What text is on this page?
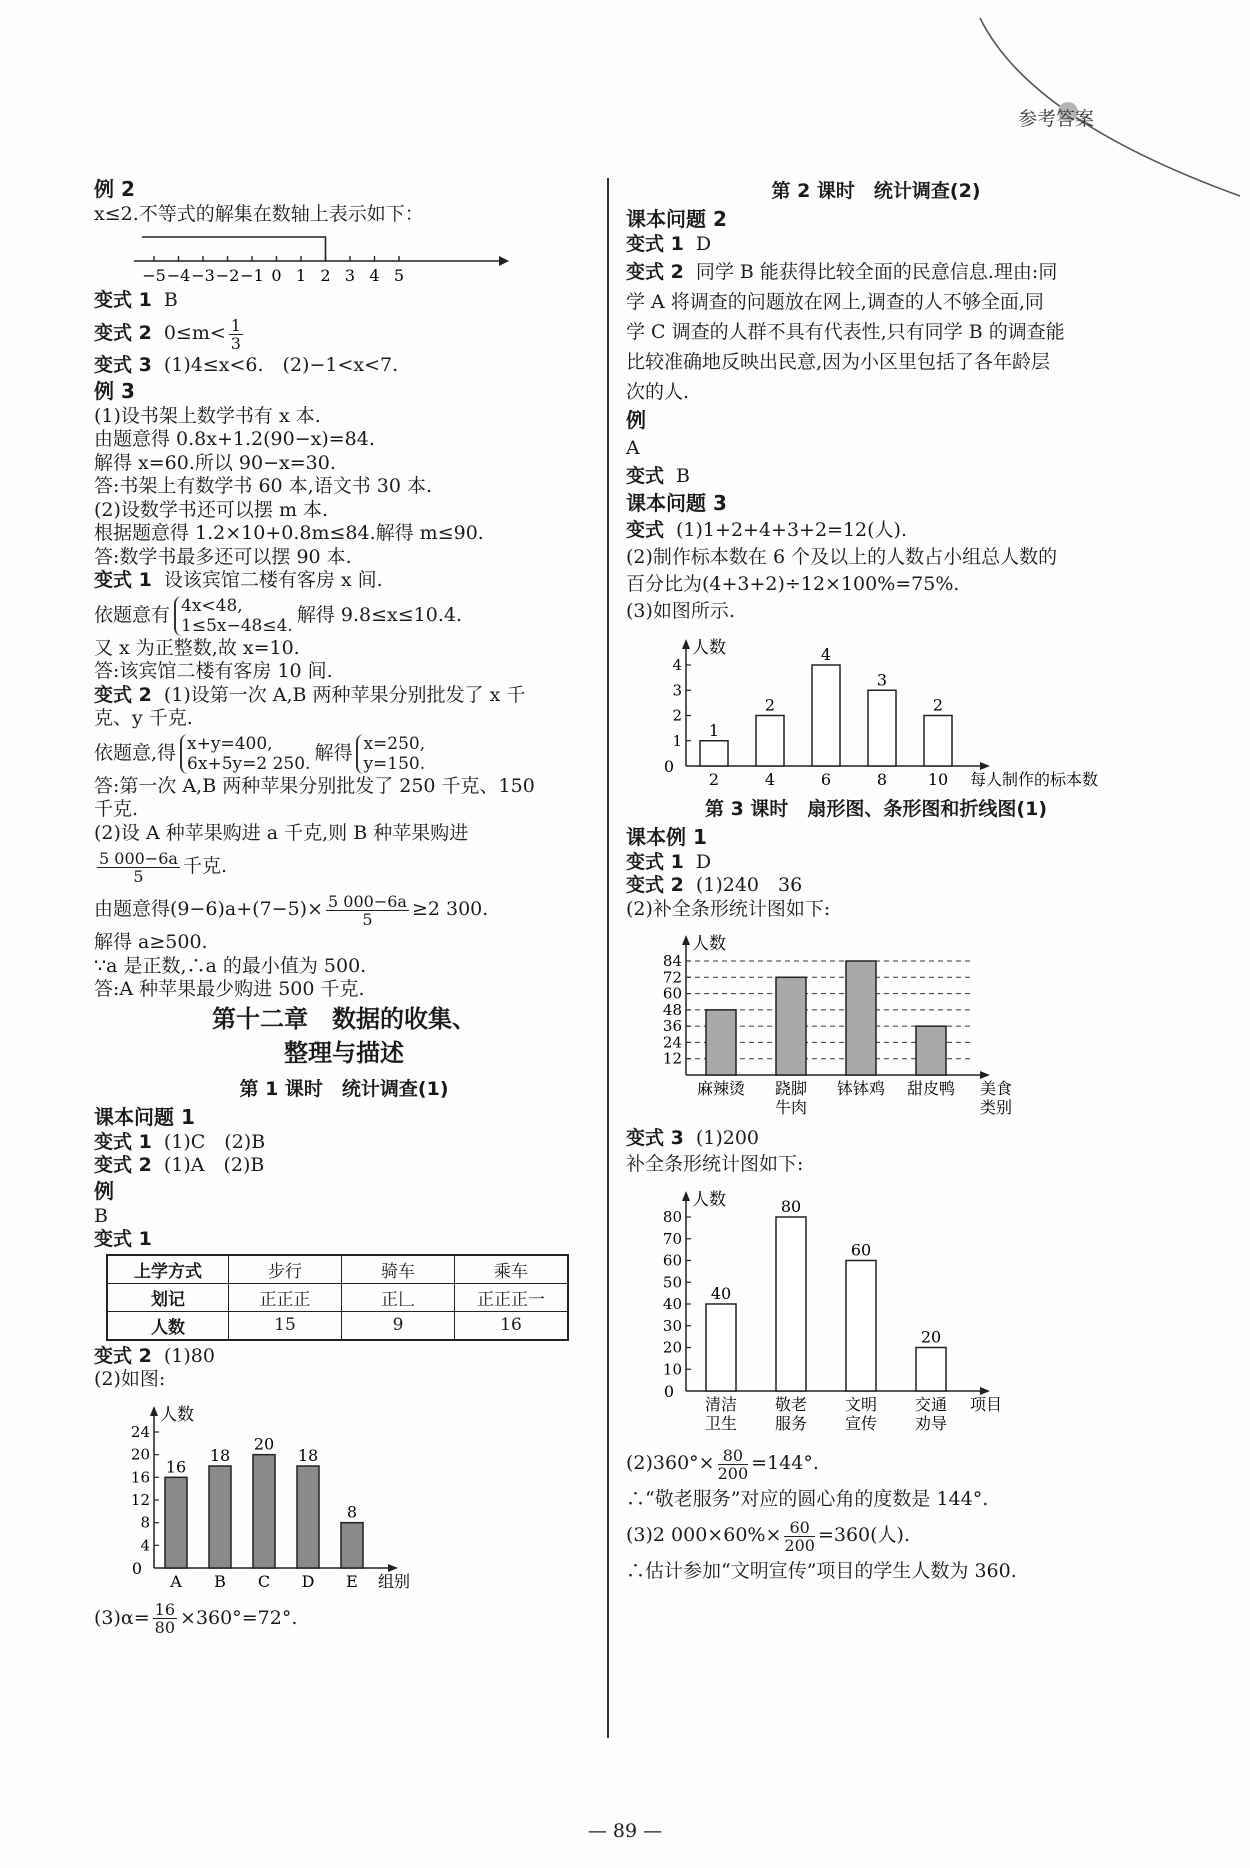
参考答案
例 2
x≤2.不等式的解集在数轴上表示如下：
−5 −4 −3 −2 −1 0 1 2 3 4 5
变式 1 B
变式 2 $0\le m< \frac{1}{3}$
变式 3 (1)4≤x<6.　(2)−1<x<7.
例 3
(1)设书架上数学书有 x 本.
由题意得 0.8x+1.2(90−x)=84.
解得 x=60.所以 90−x=30.
答:书架上有数学书 60 本,语文书 30 本.
(2)设数学书还可以摆 m 本.
根据题意得 1.2×10+0.8m≤84.解得 m≤90.
答:数学书最多还可以摆 90 本.
变式 1 设该宾馆二楼有客房 x 间.
依题意有 4x<48,
1≤5x−48≤4. 解得 9.8≤x≤10.4.
又 x 为正整数,故 x=10.
答:该宾馆二楼有客房 10 间.
变式 2 (1)设第一次 A,B 两种苹果分别批发了 x 千
克、y 千克.
依题意,得 x+y=400,
6x+5y=2 250. 解得 x=250,
y=150.
答:第一次 A,B 两种苹果分别批发了 250 千克、150
千克.
(2)设 A 种苹果购进 a 千克,则 B 种苹果购进
$\frac{5 000-6a}{5}$ 千克.
由题意得$(9-6)a+(7-5)\times \frac{5 000-6a}{5} \ge 2$ 300.
解得 a≥500.
∵a 是正数,∴a 的最小值为 500.
答:A 种苹果最少购进 500 千克.
第十二章　数据的收集、
整理与描述
第 1 课时　统计调查(1)
课本问题 1
变式 1 (1)C　(2)B
变式 2 (1)A　(2)B
例
B
变式 1
上学方式	步行	骑车	乘车
划记	正正正	正𠃊	正正正一
人数	15	9	16
变式 2 (1)80
(2)如图:
人数
0
4
8
12
16
20
24
16
A
18
B
20
C
18
D
8
E 组别
$(3)\alpha= \frac{16}{80} \times 360^\circ=72^\circ$.
第 2 课时　统计调查(2)
课本问题 2
变式 1 D
变式 2 同学 B 能获得比较全面的民意信息.理由:同
学 A 将调查的问题放在网上,调查的人不够全面,同
学 C 调查的人群不具有代表性,只有同学 B 的调查能
比较准确地反映出民意,因为小区里包括了各年龄层
次的人.
例
A
变式 B
课本问题 3
变式 (1)1+2+4+3+2=12(人).
(2)制作标本数在 6 个及以上的人数占小组总人数的
百分比为(4+3+2)÷12×100%=75%.
(3)如图所示.
人数
0
1
2
3
4
1
2
2
4
4
6
3
8
2
10 每人制作的标本数
第 3 课时　扇形图、条形图和折线图(1)
课本例 1
变式 1 D
变式 2 (1)240　36
(2)补全条形统计图如下:
人数
12
24
36
48
60
72
84
麻辣烫 跷脚
牛肉
钵钵鸡 甜皮鸭 美食
类别
变式 3 (1)200
补全条形统计图如下:
人数
0
10
20
30
40
50
60
70
80
40
清洁
卫生
80
敬老
服务
60
文明
宣传
20
交通
劝导
项目
$(2)360^\circ\times \frac{80}{200} =144^\circ$.
∴“敬老服务”对应的圆心角的度数是 144°.
(3)2 $000\times 60\%\times \frac{60}{200} =360$(人).
∴估计参加“文明宣传”项目的学生人数为 360.
— 89 —
